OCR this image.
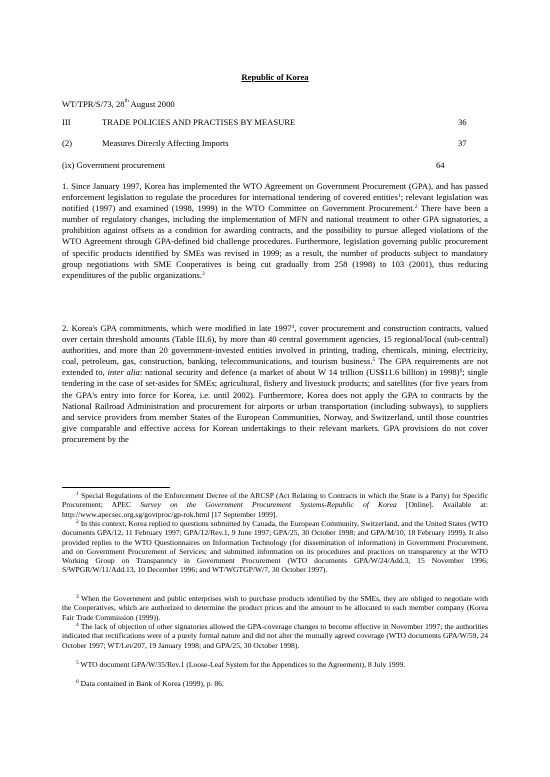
Republic of Korea
WT/TPR/S/73, 28th August 2000
III	TRADE POLICIES AND PRACTISES BY MEASURE	36
(2)	Measures Directly Affecting Imports	37
(ix) Government procurement	64

1. Since January 1997, Korea has implemented the WTO Agreement on Government Procurement (GPA), and has passed enforcement legislation to regulate the procedures for international tendering of covered entities$^1$; relevant legislation was notified (1997) and examined (1998, 1999) in the WTO Committee on Government Procurement.$^2$ There have been a number of regulatory changes, including the implementation of MFN and national treatment to other GPA signatories, a prohibition against offsets as a condition for awarding contracts, and the possibility to pursue alleged violations of the WTO Agreement through GPA-defined bid challenge procedures. Furthermore, legislation governing public procurement of specific products identified by SMEs was revised in 1999; as a result, the number of products subject to mandatory group negotiations with SME Cooperatives is being cut gradually from 258 (1998) to 103 (2001), thus reducing expenditures of the public organizations.$^3$

2. Korea's GPA commitments, which were modified in late 1997$^4$, cover procurement and construction contracts, valued over certain threshold amounts (Table III.6), by more than 40 central government agencies, 15 regional/local (sub-central) authorities, and more than 20 government-invested entities involved in printing, trading, chemicals, mining, electricity, coal, petroleum, gas, construction, banking, telecommunications, and tourism business.$^5$ The GPA requirements are not extended to, inter alia: national security and defence (a market of about W 14 trillion (US$11.6 billion) in 1998)$^6$; single tendering in the case of set-asides for SMEs; agricultural, fishery and livestock products; and satellites (for five years from the GPA's entry into force for Korea, i.e. until 2002). Furthermore, Korea does not apply the GPA to contracts by the National Railroad Administration and procurement for airports or urban transportation (including subways), to suppliers and service providers from member States of the European Communities, Norway, and Switzerland, until those countries give comparable and effective access for Korean undertakings to their relevant markets. GPA provisions do not cover procurement by the

$^1$ Special Regulations of the Enforcement Decree of the ARCSP (Act Relating to Contracts in which the State is a Party) for Specific Procurement; APEC Survey on the Government Procurement Systems-Republic of Korea [Online]. Available at: http://www.apecsec.org.sg/govtproc/gp-rok.html [17 September 1999].

$^2$ In this context, Korea replied to questions submitted by Canada, the European Community, Switzerland, and the United States (WTO documents GPA/12, 11 February 1997; GPA/12/Rev.1, 9 June 1997; GPA/25, 30 October 1998; and GPA/M/10, 18 February 1999). It also provided replies to the WTO Questionnaires on Information Technology (for dissemination of information) in Government Procurement, and on Government Procurement of Services; and submitted information on its procedures and practices on transparency at the WTO Working Group on Transparency in Government Procurement (WTO documents GPA/W/24/Add.3, 15 November 1996; S/WPGR/W/11/Add.13, 10 December 1996; and WT/WGTGP/W/7, 30 October 1997).

$^3$ When the Government and public enterprises wish to purchase products identified by the SMEs, they are obliged to negotiate with the Cooperatives, which are authorized to determine the product prices and the amount to be allocated to each member company (Korea Fair Trade Commission (1999)).

$^4$ The lack of objection of other signatories allowed the GPA-coverage changes to become effective in November 1997; the authorities indicated that rectifications were of a purely formal nature and did not alter the mutually agreed coverage (WTO documents GPA/W/59, 24 October 1997; WT/Let/207, 19 January 1998; and GPA/25, 30 October 1998).

$^5$ WTO document GPA/W/35/Rev.1 (Loose-Leaf System for the Appendices to the Agreement), 8 July 1999.

$^6$ Data contained in Bank of Korea (1999), p. 86.
